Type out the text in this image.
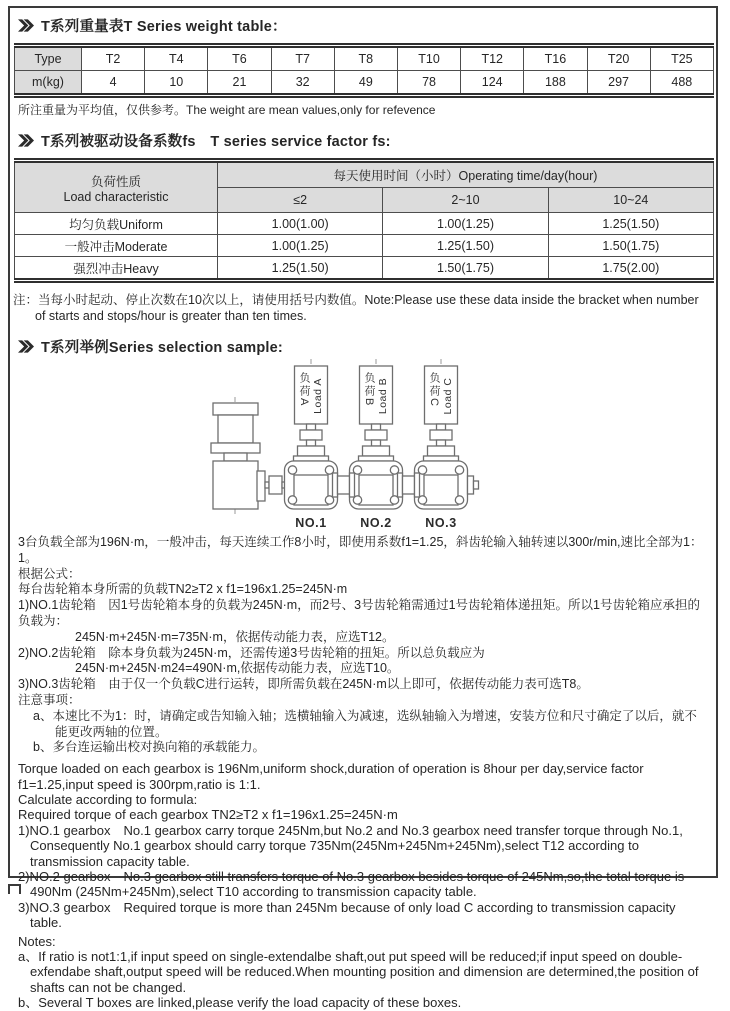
T系列重量表T Series weight table：
Type	T2	T4	T6	T7	T8	T10	T12	T16	T20	T25
m(kg)	4	10	21	32	49	78	124	188	297	488
所注重量为平均值，仅供参考。The weight are mean values,only for refevence
T系列被驱动设备系数fs　T series service factor fs:
负荷性质
Load characteristic	每天使用时间（小时）Operating time/day(hour)		
	≤2	2~10	10~24
均匀负载Uniform	1.00(1.00)	1.00(1.25)	1.25(1.50)
一般冲击Moderate	1.00(1.25)	1.25(1.50)	1.50(1.75)
强烈冲击Heavy	1.25(1.50)	1.50(1.75)	1.75(2.00)
注：当每小时起动、停止次数在10次以上，请使用括号内数值。Note:Please use these data inside the bracket when number of starts and stops/hour is greater than ten times.
T系列举例Series selection sample:
负荷A Load A	负荷B Load B	负荷C Load C
NO.1	NO.2	NO.3
3台负载全部为196N·m，一般冲击，每天连续工作8小时，即使用系数f1=1.25，斜齿轮输入轴转速以300r/min,速比全部为1：1。
根据公式：
每台齿轮箱本身所需的负载TN2≥T2 x f1=196x1.25=245N·m
1)NO.1齿轮箱　因1号齿轮箱本身的负载为245N·m，而2号、3号齿轮箱需通过1号齿轮箱体递扭矩。所以1号齿轮箱应承担的负载为：
245N·m+245N·m=735N·m，依据传动能力表，应选T12。
2)NO.2齿轮箱　除本身负载为245N·m，还需传递3号齿轮箱的扭矩。所以总负载应为
245N·m+245N·m24=490N·m,依据传动能力表，应选T10。
3)NO.3齿轮箱　由于仅一个负载C进行运转，即所需负载在245N·m以上即可，依据传动能力表可选T8。
注意事项：
a、本速比不为1：时，请确定或告知输入轴；选横轴输入为减速，选纵轴输入为增速，安装方位和尺寸确定了以后，就不能更改两轴的位置。
b、多台连运输出校对换向箱的承载能力。
Torque loaded on each gearbox is 196Nm,uniform shock,duration of operation is 8hour per day,service factor f1=1.25,input speed is 300rpm,ratio is 1:1.
Calculate according to formula:
Required torque of each gearbox TN2≥T2 x f1=196x1.25=245N·m
1)NO.1 gearbox　No.1 gearbox carry torque 245Nm,but No.2 and No.3 gearbox need transfer torque through No.1, Consequently No.1 gearbox should carry torque 735Nm(245Nm+245Nm+245Nm),select T12 according to transmission capacity table.
2)NO.2 gearbox　No.3 gearbox still transfers torque of No.3 gearbox besides torque of 245Nm,so,the total torque is 490Nm (245Nm+245Nm),select T10 according to transmission capacity table.
3)NO.3 gearbox　Required torque is more than 245Nm because of only load C according to transmission capacity table.
Notes:
a、If ratio is not1:1,if input speed on single-extendalbe shaft,out put speed will be reduced;if input speed on double-exfendabe shaft,output speed will be reduced.When mounting position and dimension are determined,the position of shafts can not be changed.
b、Several T boxes are linked,please verify the load capacity of these boxes.
